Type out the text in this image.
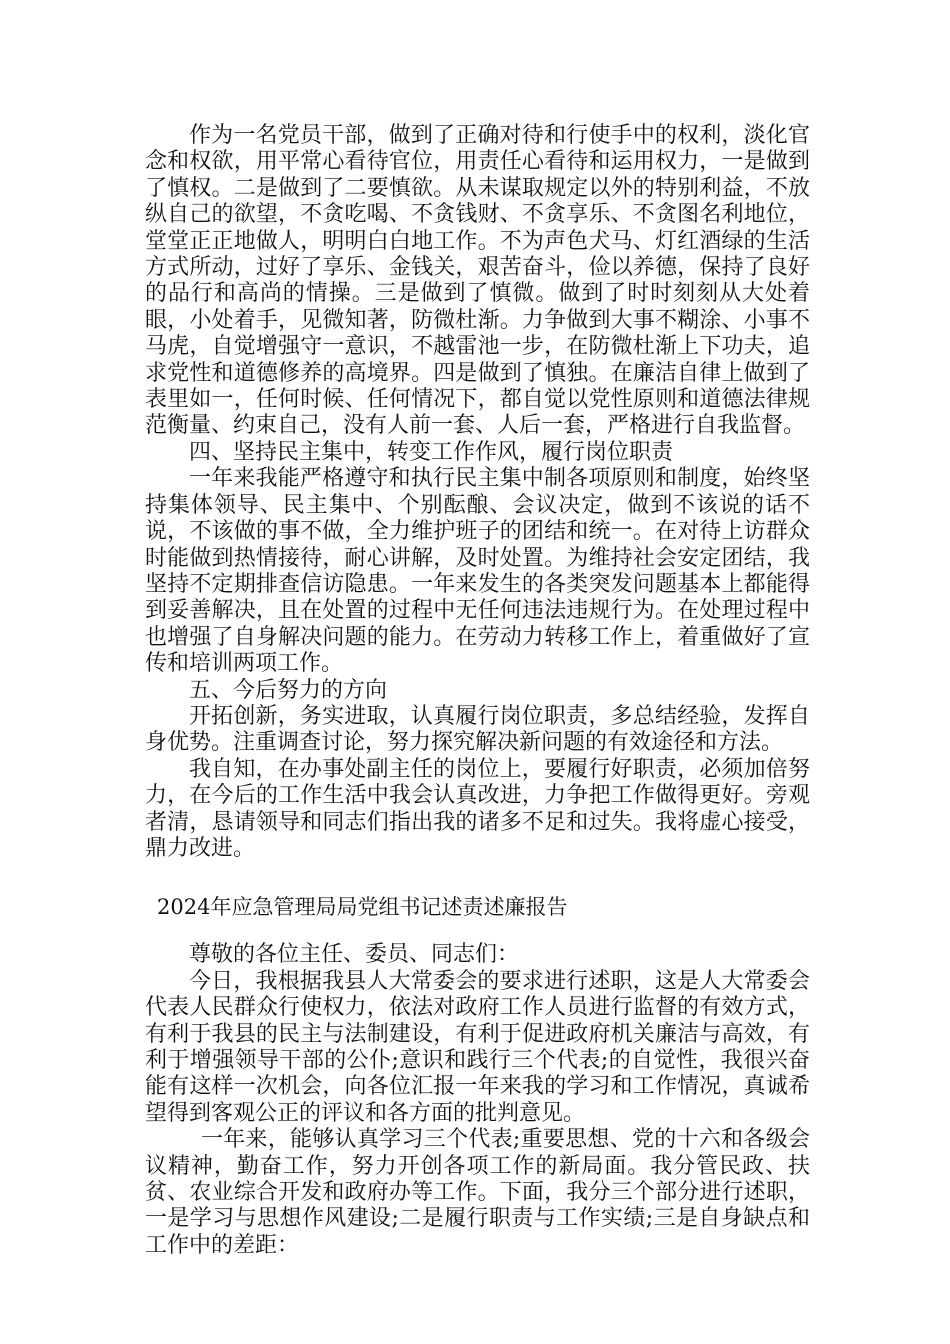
作为一名党员干部，做到了正确对待和行使手中的权利，淡化官念和权欲，用平常心看待官位，用责任心看待和运用权力，一是做到了慎权。二是做到了二要慎欲。从未谋取规定以外的特别利益，不放纵自己的欲望，不贪吃喝、不贪钱财、不贪享乐、不贪图名利地位，堂堂正正地做人，明明白白地工作。不为声色犬马、灯红酒绿的生活方式所动，过好了享乐、金钱关，艰苦奋斗，俭以养德，保持了良好的品行和高尚的情操。三是做到了慎微。做到了时时刻刻从大处着眼，小处着手，见微知著，防微杜渐。力争做到大事不糊涂、小事不马虎，自觉增强守一意识，不越雷池一步，在防微杜渐上下功夫，追求党性和道德修养的高境界。四是做到了慎独。在廉洁自律上做到了表里如一，任何时候、任何情况下，都自觉以党性原则和道德法律规范衡量、约束自己，没有人前一套、人后一套，严格进行自我监督。

四、坚持民主集中，转变工作作风，履行岗位职责

一年来我能严格遵守和执行民主集中制各项原则和制度，始终坚持集体领导、民主集中、个别酝酿、会议决定，做到不该说的话不说，不该做的事不做，全力维护班子的团结和统一。在对待上访群众时能做到热情接待，耐心讲解，及时处置。为维持社会安定团结，我坚持不定期排查信访隐患。一年来发生的各类突发问题基本上都能得到妥善解决，且在处置的过程中无任何违法违规行为。在处理过程中也增强了自身解决问题的能力。在劳动力转移工作上，着重做好了宣传和培训两项工作。

五、今后努力的方向

开拓创新，务实进取，认真履行岗位职责，多总结经验，发挥自身优势。注重调查讨论，努力探究解决新问题的有效途径和方法。

我自知，在办事处副主任的岗位上，要履行好职责，必须加倍努力，在今后的工作生活中我会认真改进，力争把工作做得更好。旁观者清，恳请领导和同志们指出我的诸多不足和过失。我将虚心接受，鼎力改进。

2024年应急管理局局党组书记述责述廉报告

尊敬的各位主任、委员、同志们：

今日，我根据我县人大常委会的要求进行述职，这是人大常委会代表人民群众行使权力，依法对政府工作人员进行监督的有效方式，有利于我县的民主与法制建设，有利于促进政府机关廉洁与高效，有利于增强领导干部的公仆;意识和践行三个代表;的自觉性，我很兴奋能有这样一次机会，向各位汇报一年来我的学习和工作情况，真诚希望得到客观公正的评议和各方面的批判意见。

一年来，能够认真学习三个代表;重要思想、党的十六和各级会议精神，勤奋工作，努力开创各项工作的新局面。我分管民政、扶贫、农业综合开发和政府办等工作。下面，我分三个部分进行述职，一是学习与思想作风建设;二是履行职责与工作实绩;三是自身缺点和工作中的差距：
